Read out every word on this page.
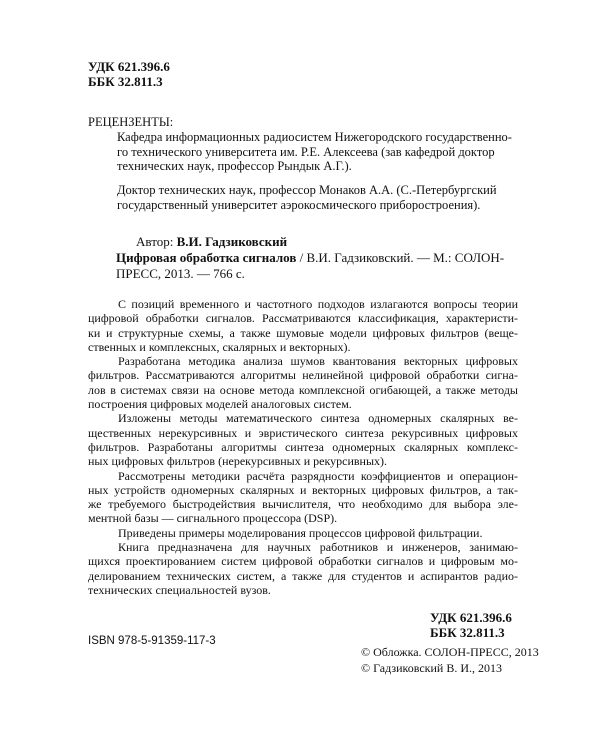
УДК 621.396.6
ББК 32.811.3
РЕЦЕНЗЕНТЫ:
Кафедра информационных радиосистем Нижегородского государственно-
го технического университета им. Р.Е. Алексеева (зав кафедрой доктор
технических наук, профессор Рындык А.Г.).
Доктор технических наук, профессор Монаков А.А. (С.-Петербургский
государственный университет аэрокосмического приборостроения).
Автор: В.И. Гадзиковский
Цифровая обработка сигналов / В.И. Гадзиковский. — М.: СОЛОН-
ПРЕСС, 2013. — 766 с.
С позиций временного и частотного подходов излагаются вопросы теории
цифровой обработки сигналов. Рассматриваются классификация, характеристи-
ки и структурные схемы, а также шумовые модели цифровых фильтров (веще-
ственных и комплексных, скалярных и векторных).
Разработана методика анализа шумов квантования векторных цифровых
фильтров. Рассматриваются алгоритмы нелинейной цифровой обработки сигна-
лов в системах связи на основе метода комплексной огибающей, а также методы
построения цифровых моделей аналоговых систем.
Изложены методы математического синтеза одномерных скалярных ве-
щественных нерекурсивных и эвристического синтеза рекурсивных цифровых
фильтров. Разработаны алгоритмы синтеза одномерных скалярных комплекс-
ных цифровых фильтров (нерекурсивных и рекурсивных).
Рассмотрены методики расчёта разрядности коэффициентов и операцион-
ных устройств одномерных скалярных и векторных цифровых фильтров, а так-
же требуемого быстродействия вычислителя, что необходимо для выбора эле-
ментной базы — сигнального процессора (DSP).
Приведены примеры моделирования процессов цифровой фильтрации.
Книга предназначена для научных работников и инженеров, занимаю-
щихся проектированием систем цифровой обработки сигналов и цифровым мо-
делированием технических систем, а также для студентов и аспирантов радио-
технических специальностей вузов.
УДК 621.396.6
ББК 32.811.3
ISBN 978-5-91359-117-3
© Обложка. СОЛОН-ПРЕСС, 2013
© Гадзиковский В. И., 2013
